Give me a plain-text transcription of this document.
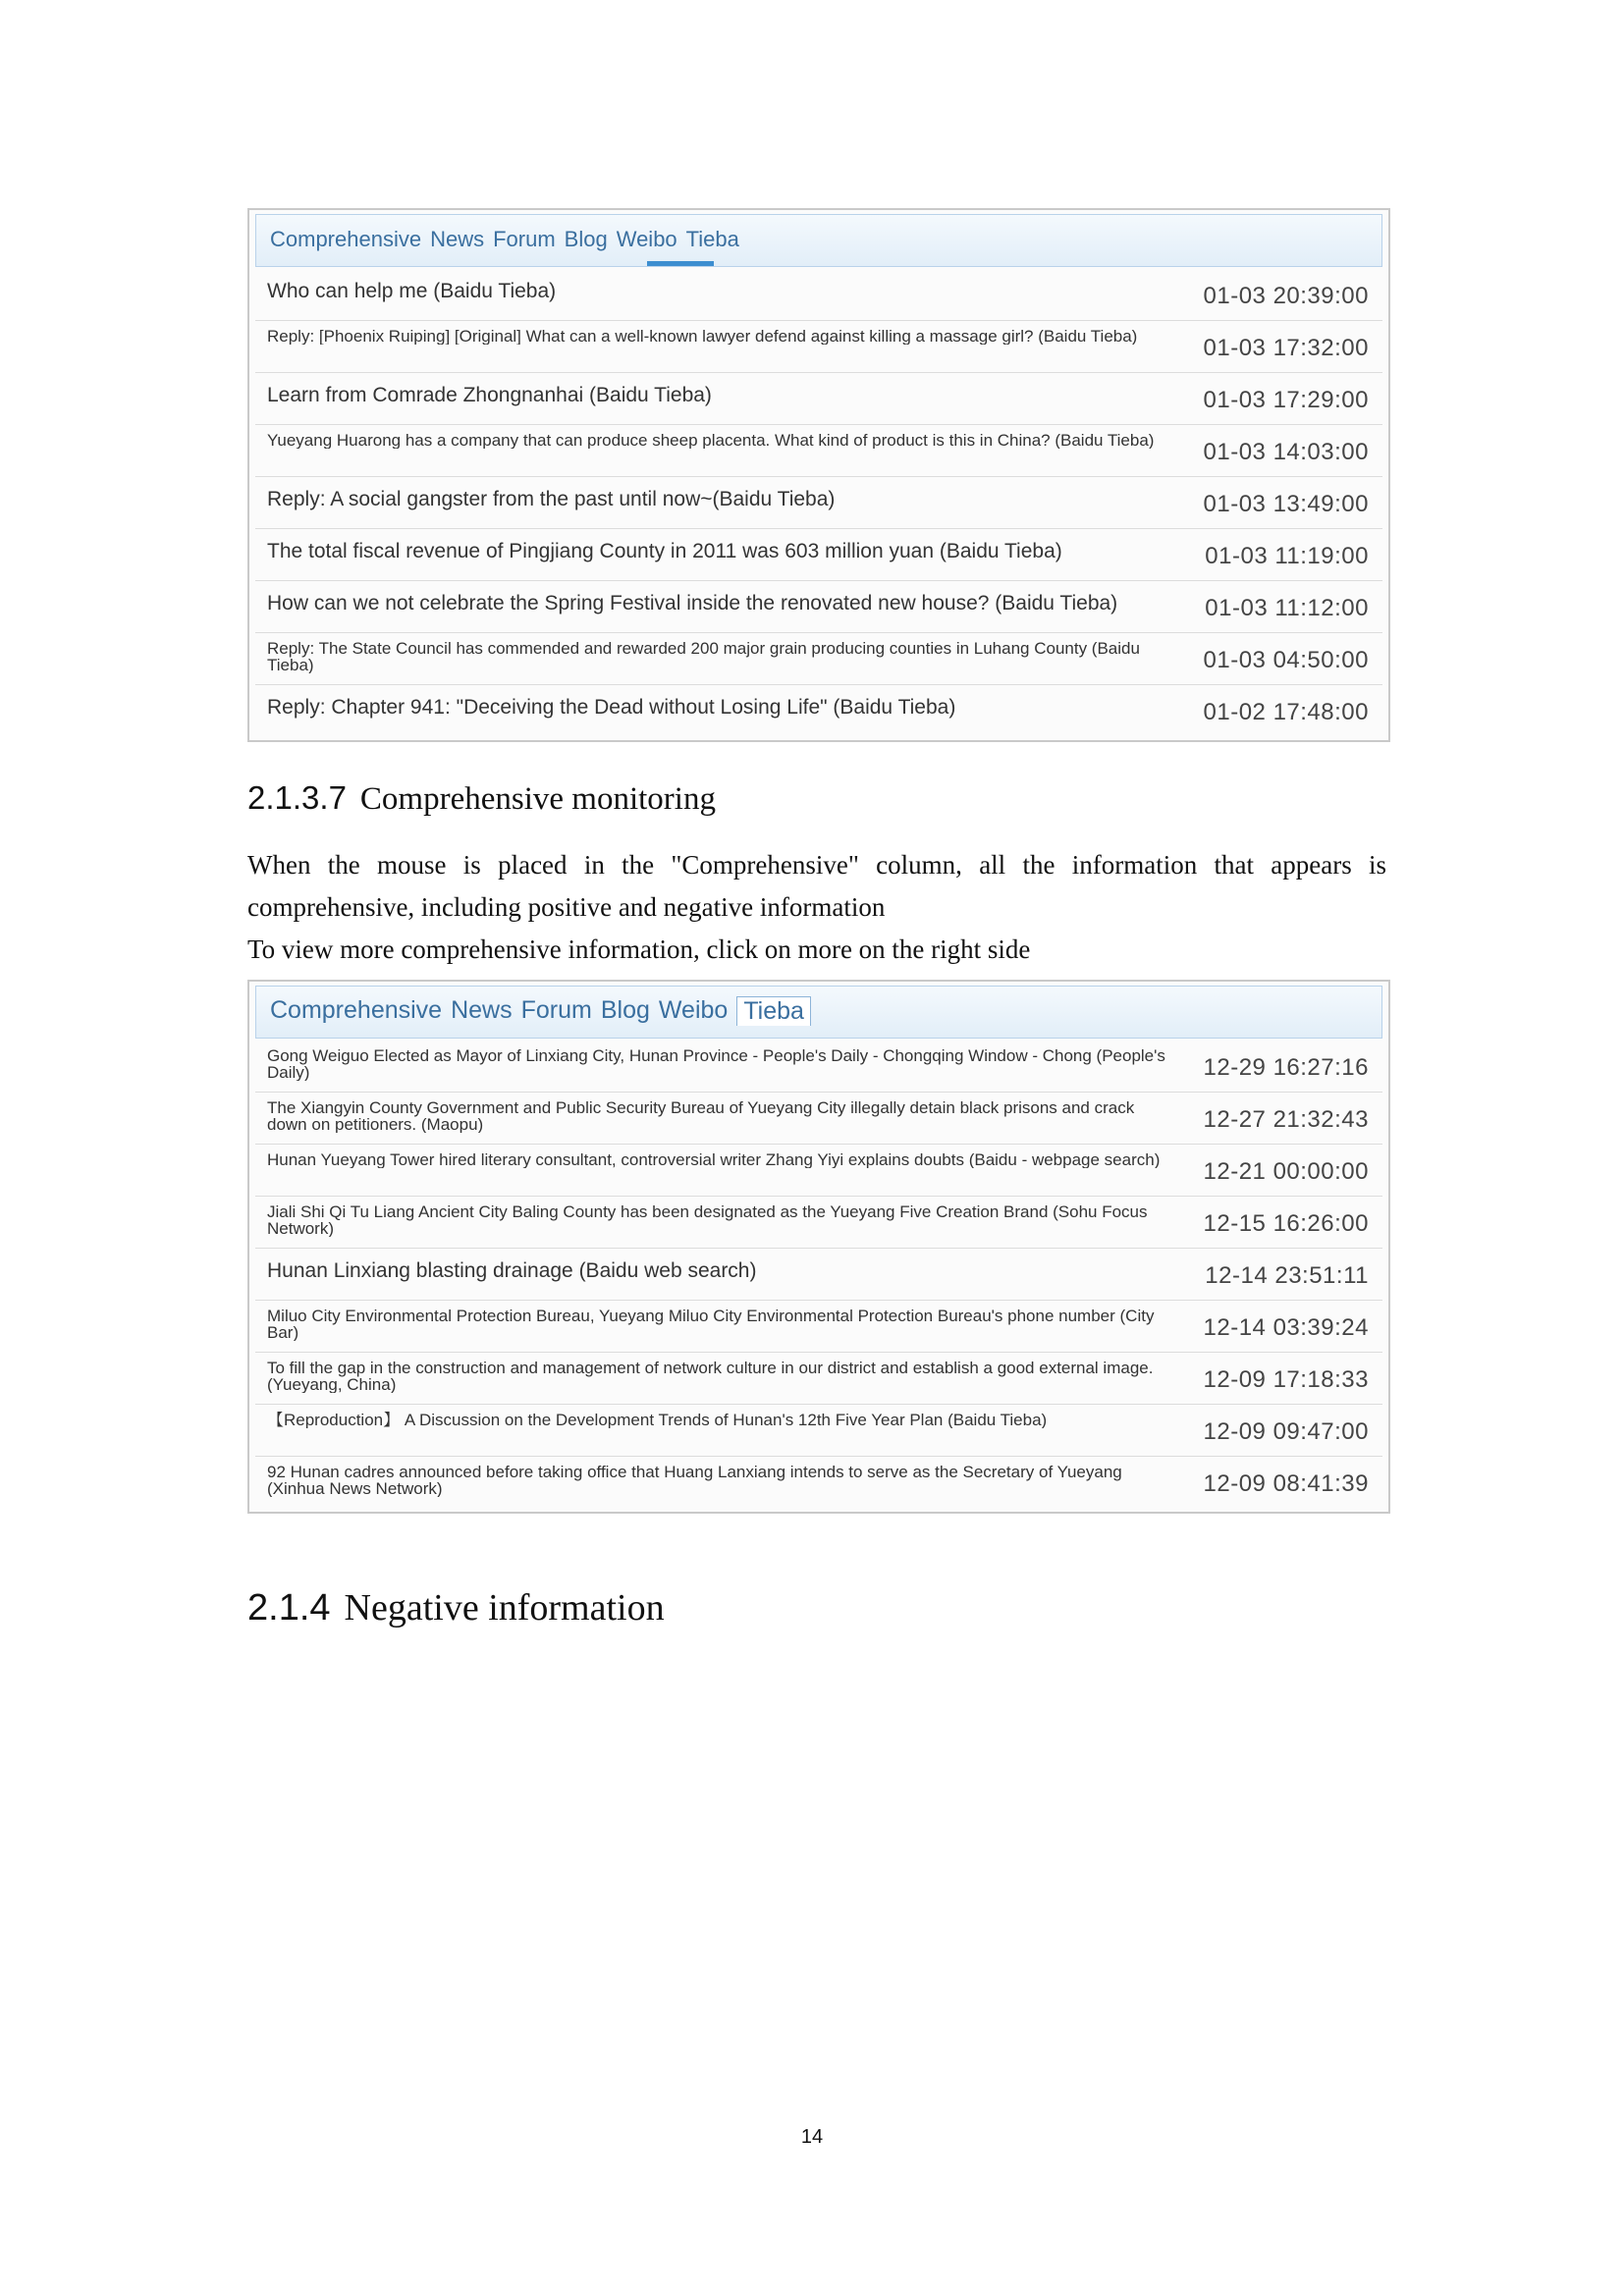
Comprehensive News Forum Blog Weibo Tieba
Who can help me (Baidu Tieba)	01-03 20:39:00
Reply: [Phoenix Ruiping] [Original] What can a well-known lawyer defend against killing a massage girl? (Baidu Tieba)	01-03 17:32:00
Learn from Comrade Zhongnanhai (Baidu Tieba)	01-03 17:29:00
Yueyang Huarong has a company that can produce sheep placenta. What kind of product is this in China? (Baidu Tieba)	01-03 14:03:00
Reply: A social gangster from the past until now~(Baidu Tieba)	01-03 13:49:00
The total fiscal revenue of Pingjiang County in 2011 was 603 million yuan (Baidu Tieba)	01-03 11:19:00
How can we not celebrate the Spring Festival inside the renovated new house? (Baidu Tieba)	01-03 11:12:00
Reply: The State Council has commended and rewarded 200 major grain producing counties in Luhang County (Baidu Tieba)	01-03 04:50:00
Reply: Chapter 941: "Deceiving the Dead without Losing Life" (Baidu Tieba)	01-02 17:48:00
2.1.3.7 Comprehensive monitoring
When the mouse is placed in the "Comprehensive" column, all the information that appears is comprehensive, including positive and negative information
To view more comprehensive information, click on more on the right side
Comprehensive News Forum Blog Weibo Tieba
Gong Weiguo Elected as Mayor of Linxiang City, Hunan Province - People's Daily - Chongqing Window - Chong (People's Daily)	12-29 16:27:16
The Xiangyin County Government and Public Security Bureau of Yueyang City illegally detain black prisons and crack down on petitioners. (Maopu)	12-27 21:32:43
Hunan Yueyang Tower hired literary consultant, controversial writer Zhang Yiyi explains doubts (Baidu - webpage search)	12-21 00:00:00
Jiali Shi Qi Tu Liang Ancient City Baling County has been designated as the Yueyang Five Creation Brand (Sohu Focus Network)	12-15 16:26:00
Hunan Linxiang blasting drainage (Baidu web search)	12-14 23:51:11
Miluo City Environmental Protection Bureau, Yueyang Miluo City Environmental Protection Bureau's phone number (City Bar)	12-14 03:39:24
To fill the gap in the construction and management of network culture in our district and establish a good external image. (Yueyang, China)	12-09 17:18:33
【Reproduction】 A Discussion on the Development Trends of Hunan's 12th Five Year Plan (Baidu Tieba)	12-09 09:47:00
92 Hunan cadres announced before taking office that Huang Lanxiang intends to serve as the Secretary of Yueyang (Xinhua News Network)	12-09 08:41:39
2.1.4 Negative information
14
